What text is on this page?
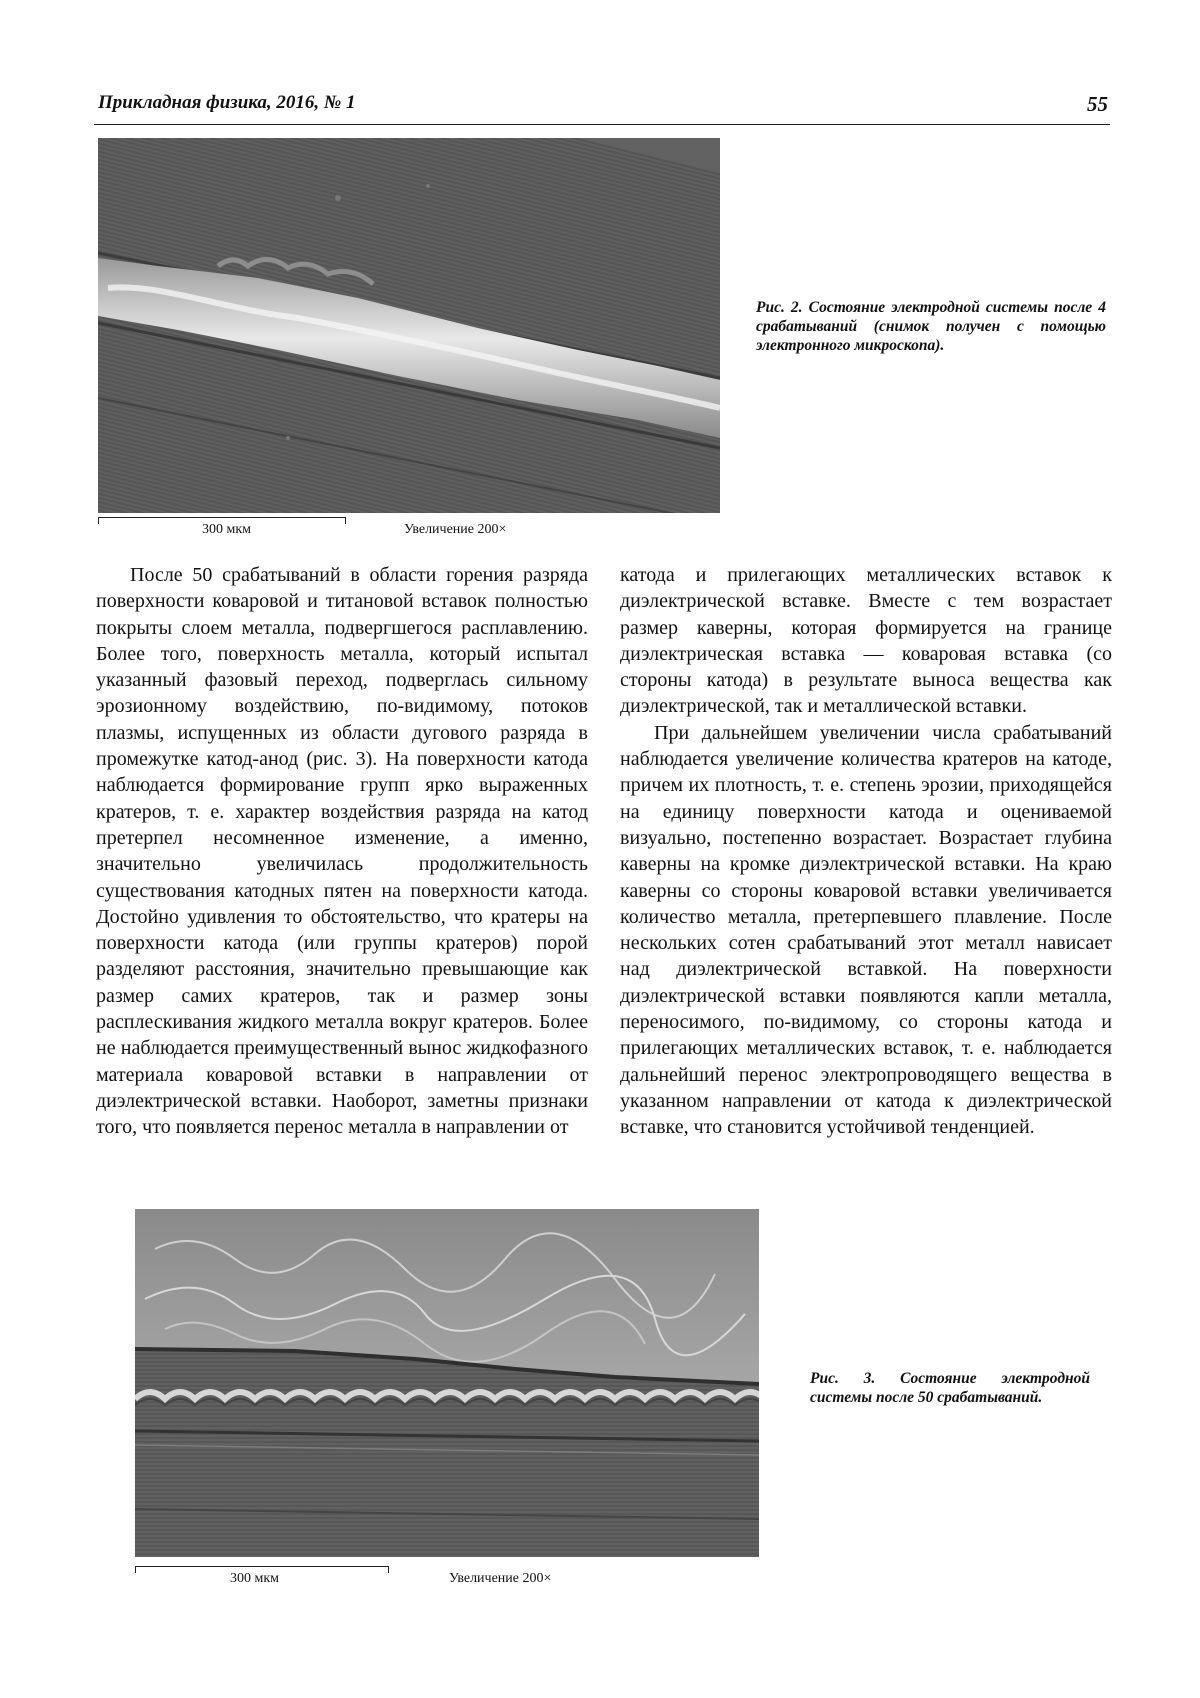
Прикладная физика, 2016, № 1	55
300 мкм	Увеличение 200×
Рис. 2. Состояние электродной системы после 4 срабатываний (снимок получен с помощью электронного микроскопа).

После 50 срабатываний в области горения разряда поверхности коваровой и титановой вставок полностью покрыты слоем металла, подвергшегося расплавлению. Более того, поверхность металла, который испытал указанный фазовый переход, подверглась сильному эрозионному воздействию, по-видимому, потоков плазмы, испущенных из области дугового разряда в промежутке катод-анод (рис. 3). На поверхности катода наблюдается формирование групп ярко выраженных кратеров, т. е. характер воздействия разряда на катод претерпел несомненное изменение, а именно, значительно увеличилась продолжительность существования катодных пятен на поверхности катода. Достойно удивления то обстоятельство, что кратеры на поверхности катода (или группы кратеров) порой разделяют расстояния, значительно превышающие как размер самих кратеров, так и размер зоны расплескивания жидкого металла вокруг кратеров. Более не наблюдается преимущественный вынос жидкофазного материала коваровой вставки в направлении от диэлектрической вставки. Наоборот, заметны признаки того, что появляется перенос металла в направлении от

катода и прилегающих металлических вставок к диэлектрической вставке. Вместе с тем возрастает размер каверны, которая формируется на границе диэлектрическая вставка — коваровая вставка (со стороны катода) в результате выноса вещества как диэлектрической, так и металлической вставки.

При дальнейшем увеличении числа срабатываний наблюдается увеличение количества кратеров на катоде, причем их плотность, т. е. степень эрозии, приходящейся на единицу поверхности катода и оцениваемой визуально, постепенно возрастает. Возрастает глубина каверны на кромке диэлектрической вставки. На краю каверны со стороны коваровой вставки увеличивается количество металла, претерпевшего плавление. После нескольких сотен срабатываний этот металл нависает над диэлектрической вставкой. На поверхности диэлектрической вставки появляются капли металла, переносимого, по-видимому, со стороны катода и прилегающих металлических вставок, т. е. наблюдается дальнейший перенос электропроводящего вещества в указанном направлении от катода к диэлектрической вставке, что становится устойчивой тенденцией.

300 мкм	Увеличение 200×
Рис. 3. Состояние электродной системы после 50 срабатываний.
